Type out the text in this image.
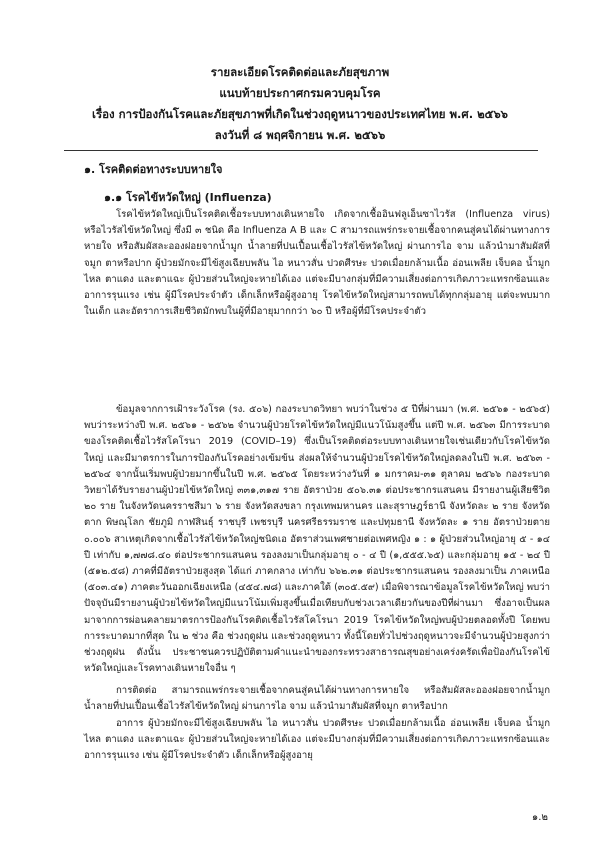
รายละเอียดโรคติดต่อและภัยสุขภาพ
แนบท้ายประกาศกรมควบคุมโรค
เรื่อง การป้องกันโรคและภัยสุขภาพที่เกิดในช่วงฤดูหนาวของประเทศไทย พ.ศ. ๒๕๖๖
ลงวันที่ ๘ พฤศจิกายน พ.ศ. ๒๕๖๖
๑. โรคติดต่อทางระบบหายใจ
๑.๑ โรคไข้หวัดใหญ่ (Influenza)
โรคไข้หวัดใหญ่เป็นโรคติดเชื้อระบบทางเดินหายใจ เกิดจากเชื้ออินฟลูเอ็นซาไวรัส (Influenza virus) หรือไวรัสไข้หวัดใหญ่ ซึ่งมี ๓ ชนิด คือ Influenza A B และ C สามารถแพร่กระจายเชื้อจากคนสู่คนได้ผ่านทางการหายใจ หรือสัมผัสละอองฝอยจากน้ำมูก น้ำลายที่ปนเปื้อนเชื้อไวรัสไข้หวัดใหญ่ ผ่านการไอ จาม แล้วนำมาสัมผัสที่จมูก ตาหรือปาก ผู้ป่วยมักจะมีไข้สูงเฉียบพลัน ไอ หนาวสั่น ปวดศีรษะ ปวดเมื่อยกล้ามเนื้อ อ่อนเพลีย เจ็บคอ น้ำมูกไหล ตาแดง และตาแฉะ ผู้ป่วยส่วนใหญ่จะหายได้เอง แต่จะมีบางกลุ่มที่มีความเสี่ยงต่อการเกิดภาวะแทรกซ้อนและอาการรุนแรง เช่น ผู้มีโรคประจำตัว เด็กเล็กหรือผู้สูงอายุ โรคไข้หวัดใหญ่สามารถพบได้ทุกกลุ่มอายุ แต่จะพบมากในเด็ก และอัตราการเสียชีวิตมักพบในผู้ที่มีอายุมากกว่า ๖๐ ปี หรือผู้ที่มีโรคประจำตัว
ข้อมูลจากการเฝ้าระวังโรค (รง. ๕๐๖) กองระบาดวิทยา พบว่าในช่วง ๕ ปีที่ผ่านมา (พ.ศ. ๒๕๖๑ - ๒๕๖๕) พบว่าระหว่างปี พ.ศ. ๒๕๖๑ - ๒๕๖๒ จำนวนผู้ป่วยโรคไข้หวัดใหญ่มีแนวโน้มสูงขึ้น แต่ปี พ.ศ. ๒๕๖๓ มีการระบาดของโรคติดเชื้อไวรัสโคโรนา 2019 (COVID–19) ซึ่งเป็นโรคติดต่อระบบทางเดินหายใจเช่นเดียวกับโรคไข้หวัดใหญ่ และมีมาตรการในการป้องกันโรคอย่างเข้มข้น ส่งผลให้จำนวนผู้ป่วยโรคไข้หวัดใหญ่ลดลงในปี พ.ศ. ๒๕๖๓ - ๒๕๖๔ จากนั้นเริ่มพบผู้ป่วยมากขึ้นในปี พ.ศ. ๒๕๖๕ โดยระหว่างวันที่ ๑ มกราคม-๓๑ ตุลาคม ๒๕๖๖ กองระบาดวิทยาได้รับรายงานผู้ป่วยไข้หวัดใหญ่ ๓๓๑,๓๑๗ ราย อัตราป่วย ๕๐๖.๓๑ ต่อประชากรแสนคน มีรายงานผู้เสียชีวิต ๒๐ ราย ในจังหวัดนครราชสีมา ๖ ราย จังหวัดสงขลา กรุงเทพมหานคร และสุราษฎร์ธานี จังหวัดละ ๒ ราย จังหวัดตาก พิษณุโลก ชัยภูมิ กาฬสินธุ์ ราชบุรี เพชรบุรี นครศรีธรรมราช และปทุมธานี จังหวัดละ ๑ ราย อัตราป่วยตาย ๐.๐๐๖ สาเหตุเกิดจากเชื้อไวรัสไข้หวัดใหญ่ชนิดเอ อัตราส่วนเพศชายต่อเพศหญิง ๑ : ๑ ผู้ป่วยส่วนใหญ่อายุ ๕ - ๑๔ ปี เท่ากับ ๑,๗๗๘.๔๐ ต่อประชากรแสนคน รองลงมาเป็นกลุ่มอายุ ๐ - ๔ ปี (๑,๕๕๕.๖๕) และกลุ่มอายุ ๑๕ - ๒๔ ปี (๕๑๒.๕๘) ภาคที่มีอัตราป่วยสูงสุด ได้แก่ ภาคกลาง เท่ากับ ๖๖๒.๓๑ ต่อประชากรแสนคน รองลงมาเป็น ภาคเหนือ (๕๐๓.๔๑) ภาคตะวันออกเฉียงเหนือ (๔๕๔.๗๘) และภาคใต้ (๓๐๕.๕๙) เมื่อพิจารณาข้อมูลโรคไข้หวัดใหญ่ พบว่าปัจจุบันมีรายงานผู้ป่วยไข้หวัดใหญ่มีแนวโน้มเพิ่มสูงขึ้นเมื่อเทียบกับช่วงเวลาเดียวกันของปีที่ผ่านมา ซึ่งอาจเป็นผลมาจากการผ่อนคลายมาตรการป้องกันโรคติดเชื้อไวรัสโคโรนา 2019 โรคไข้หวัดใหญ่พบผู้ป่วยตลอดทั้งปี โดยพบการระบาดมากที่สุด ใน ๒ ช่วง คือ ช่วงฤดูฝน และช่วงฤดูหนาว ทั้งนี้โดยทั่วไปช่วงฤดูหนาวจะมีจำนวนผู้ป่วยสูงกว่าช่วงฤดูฝน ดังนั้น ประชาชนควรปฏิบัติตามคำแนะนำของกระทรวงสาธารณสุขอย่างเคร่งครัดเพื่อป้องกันโรคไข้หวัดใหญ่และโรคทางเดินหายใจอื่น ๆ
การติดต่อ สามารถแพร่กระจายเชื้อจากคนสู่คนได้ผ่านทางการหายใจ หรือสัมผัสละอองฝอยจากน้ำมูก น้ำลายที่ปนเปื้อนเชื้อไวรัสไข้หวัดใหญ่ ผ่านการไอ จาม แล้วนำมาสัมผัสที่จมูก ตาหรือปาก
อาการ ผู้ป่วยมักจะมีไข้สูงเฉียบพลัน ไอ หนาวสั่น ปวดศีรษะ ปวดเมื่อยกล้ามเนื้อ อ่อนเพลีย เจ็บคอ น้ำมูกไหล ตาแดง และตาแฉะ ผู้ป่วยส่วนใหญ่จะหายได้เอง แต่จะมีบางกลุ่มที่มีความเสี่ยงต่อการเกิดภาวะแทรกซ้อนและอาการรุนแรง เช่น ผู้มีโรคประจำตัว เด็กเล็กหรือผู้สูงอายุ
๑.๒
